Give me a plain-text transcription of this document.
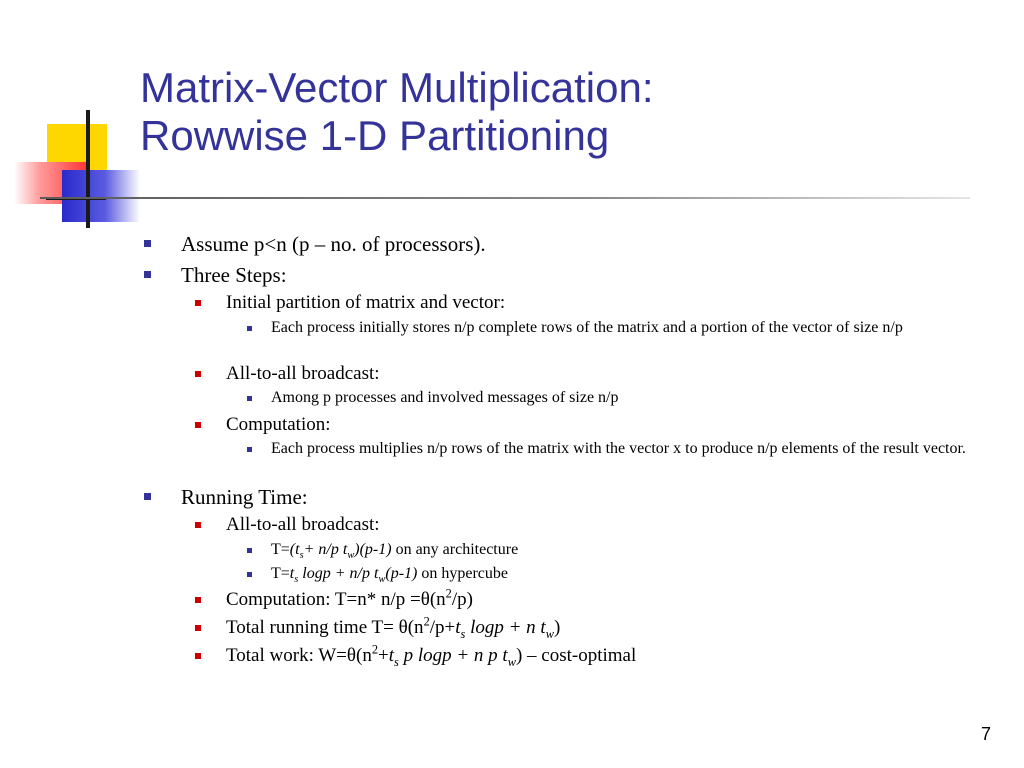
Matrix-Vector Multiplication:
Rowwise 1-D Partitioning
Assume p<n (p – no. of processors).
Three Steps:
Initial partition of matrix and vector:
Each process initially stores n/p complete rows of the matrix and a portion of the vector of size n/p
All-to-all broadcast:
Among p processes and involved messages of size n/p
Computation:
Each process multiplies n/p rows of the matrix with the vector x to produce n/p elements of the result vector.
Running Time:
All-to-all broadcast:
$T=(t_s+ n/p$ $t_w)(p-1)$ on any architecture
$T=t_s$ logp + n/p $t_w(p-1)$ on hypercube
Computation: T=n* $n/p =\theta(n^2/p)$
Total running time $T= \theta(n^2/p+t_s$ logp + n $t_w$)
Total work: $W=\theta(n^2+t_s$ p logp + n p $t_w$) – cost-optimal
7
